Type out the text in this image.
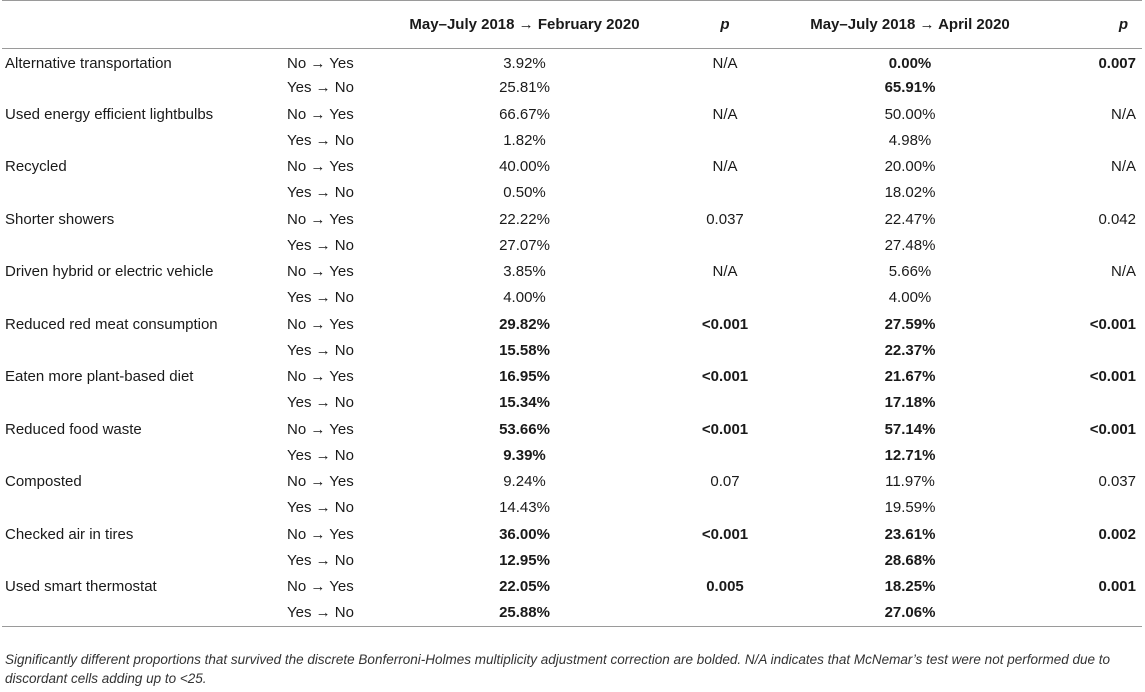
		May–July 2018 → February 2020	p	May–July 2018 → April 2020	p
Alternative transportation	No → Yes	3.92%	N/A	0.00%	0.007
	Yes → No	25.81%		65.91%	
Used energy efficient lightbulbs	No → Yes	66.67%	N/A	50.00%	N/A
	Yes → No	1.82%		4.98%	
Recycled	No → Yes	40.00%	N/A	20.00%	N/A
	Yes → No	0.50%		18.02%	
Shorter showers	No → Yes	22.22%	0.037	22.47%	0.042
	Yes → No	27.07%		27.48%	
Driven hybrid or electric vehicle	No → Yes	3.85%	N/A	5.66%	N/A
	Yes → No	4.00%		4.00%	
Reduced red meat consumption	No → Yes	29.82%	<0.001	27.59%	<0.001
	Yes → No	15.58%		22.37%	
Eaten more plant-based diet	No → Yes	16.95%	<0.001	21.67%	<0.001
	Yes → No	15.34%		17.18%	
Reduced food waste	No → Yes	53.66%	<0.001	57.14%	<0.001
	Yes → No	9.39%		12.71%	
Composted	No → Yes	9.24%	0.07	11.97%	0.037
	Yes → No	14.43%		19.59%	
Checked air in tires	No → Yes	36.00%	<0.001	23.61%	0.002
	Yes → No	12.95%		28.68%	
Used smart thermostat	No → Yes	22.05%	0.005	18.25%	0.001
	Yes → No	25.88%		27.06%	
Significantly different proportions that survived the discrete Bonferroni-Holmes multiplicity adjustment correction are bolded. N/A indicates that McNemar’s test were not performed due to discordant cells adding up to <25.
